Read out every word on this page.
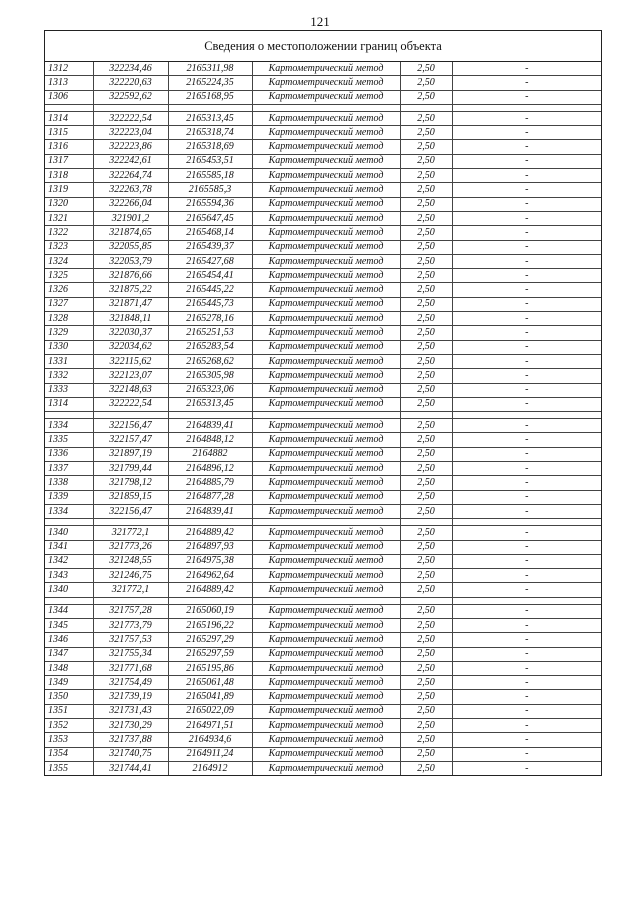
121
Сведения о местоположении границ объекта
1312	322234,46	2165311,98	Картометрический метод	2,50	-
1313	322220,63	2165224,35	Картометрический метод	2,50	-
1306	322592,62	2165168,95	Картометрический метод	2,50	-

1314	322222,54	2165313,45	Картометрический метод	2,50	-
1315	322223,04	2165318,74	Картометрический метод	2,50	-
1316	322223,86	2165318,69	Картометрический метод	2,50	-
1317	322242,61	2165453,51	Картометрический метод	2,50	-
1318	322264,74	2165585,18	Картометрический метод	2,50	-
1319	322263,78	2165585,3	Картометрический метод	2,50	-
1320	322266,04	2165594,36	Картометрический метод	2,50	-
1321	321901,2	2165647,45	Картометрический метод	2,50	-
1322	321874,65	2165468,14	Картометрический метод	2,50	-
1323	322055,85	2165439,37	Картометрический метод	2,50	-
1324	322053,79	2165427,68	Картометрический метод	2,50	-
1325	321876,66	2165454,41	Картометрический метод	2,50	-
1326	321875,22	2165445,22	Картометрический метод	2,50	-
1327	321871,47	2165445,73	Картометрический метод	2,50	-
1328	321848,11	2165278,16	Картометрический метод	2,50	-
1329	322030,37	2165251,53	Картометрический метод	2,50	-
1330	322034,62	2165283,54	Картометрический метод	2,50	-
1331	322115,62	2165268,62	Картометрический метод	2,50	-
1332	322123,07	2165305,98	Картометрический метод	2,50	-
1333	322148,63	2165323,06	Картометрический метод	2,50	-
1314	322222,54	2165313,45	Картометрический метод	2,50	-

1334	322156,47	2164839,41	Картометрический метод	2,50	-
1335	322157,47	2164848,12	Картометрический метод	2,50	-
1336	321897,19	2164882	Картометрический метод	2,50	-
1337	321799,44	2164896,12	Картометрический метод	2,50	-
1338	321798,12	2164885,79	Картометрический метод	2,50	-
1339	321859,15	2164877,28	Картометрический метод	2,50	-
1334	322156,47	2164839,41	Картометрический метод	2,50	-

1340	321772,1	2164889,42	Картометрический метод	2,50	-
1341	321773,26	2164897,93	Картометрический метод	2,50	-
1342	321248,55	2164975,38	Картометрический метод	2,50	-
1343	321246,75	2164962,64	Картометрический метод	2,50	-
1340	321772,1	2164889,42	Картометрический метод	2,50	-

1344	321757,28	2165060,19	Картометрический метод	2,50	-
1345	321773,79	2165196,22	Картометрический метод	2,50	-
1346	321757,53	2165297,29	Картометрический метод	2,50	-
1347	321755,34	2165297,59	Картометрический метод	2,50	-
1348	321771,68	2165195,86	Картометрический метод	2,50	-
1349	321754,49	2165061,48	Картометрический метод	2,50	-
1350	321739,19	2165041,89	Картометрический метод	2,50	-
1351	321731,43	2165022,09	Картометрический метод	2,50	-
1352	321730,29	2164971,51	Картометрический метод	2,50	-
1353	321737,88	2164934,6	Картометрический метод	2,50	-
1354	321740,75	2164911,24	Картометрический метод	2,50	-
1355	321744,41	2164912	Картометрический метод	2,50	-
